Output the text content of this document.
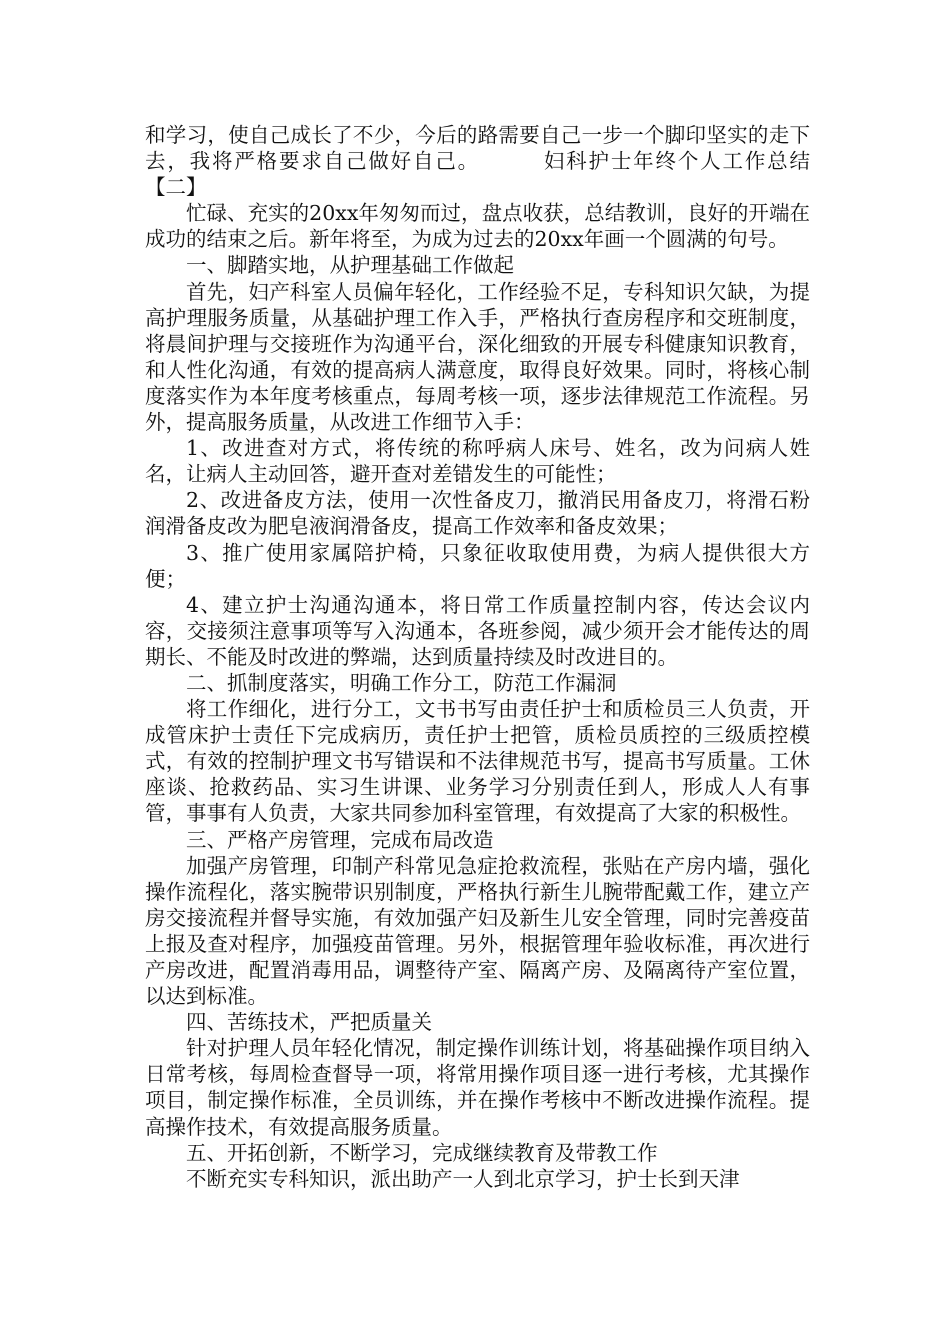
和学习，使自己成长了不少，今后的路需要自己一步一个脚印坚实的走下去，我将严格要求自己做好自己。	妇科护士年终个人工作总结【二】

忙碌、充实的20xx年匆匆而过，盘点收获，总结教训，良好的开端在成功的结束之后。新年将至，为成为过去的20xx年画一个圆满的句号。

一、脚踏实地，从护理基础工作做起

首先，妇产科室人员偏年轻化，工作经验不足，专科知识欠缺，为提高护理服务质量，从基础护理工作入手，严格执行查房程序和交班制度，将晨间护理与交接班作为沟通平台，深化细致的开展专科健康知识教育，和人性化沟通，有效的提高病人满意度，取得良好效果。同时，将核心制度落实作为本年度考核重点，每周考核一项，逐步法律规范工作流程。另外，提高服务质量，从改进工作细节入手：

1、改进查对方式，将传统的称呼病人床号、姓名，改为问病人姓名，让病人主动回答，避开查对差错发生的可能性；

2、改进备皮方法，使用一次性备皮刀，撤消民用备皮刀，将滑石粉润滑备皮改为肥皂液润滑备皮，提高工作效率和备皮效果；

3、推广使用家属陪护椅，只象征收取使用费，为病人提供很大方便；

4、建立护士沟通沟通本，将日常工作质量控制内容，传达会议内容，交接须注意事项等写入沟通本，各班参阅，减少须开会才能传达的周期长、不能及时改进的弊端，达到质量持续及时改进目的。

二、抓制度落实，明确工作分工，防范工作漏洞

将工作细化，进行分工，文书书写由责任护士和质检员三人负责，开成管床护士责任下完成病历，责任护士把管，质检员质控的三级质控模式，有效的控制护理文书写错误和不法律规范书写，提高书写质量。工休座谈、抢救药品、实习生讲课、业务学习分别责任到人，形成人人有事管，事事有人负责，大家共同参加科室管理，有效提高了大家的积极性。

三、严格产房管理，完成布局改造

加强产房管理，印制产科常见急症抢救流程，张贴在产房内墙，强化操作流程化，落实腕带识别制度，严格执行新生儿腕带配戴工作，建立产房交接流程并督导实施，有效加强产妇及新生儿安全管理，同时完善疫苗上报及查对程序，加强疫苗管理。另外，根据管理年验收标准，再次进行产房改进，配置消毒用品，调整待产室、隔离产房、及隔离待产室位置，以达到标准。

四、苦练技术，严把质量关

针对护理人员年轻化情况，制定操作训练计划，将基础操作项目纳入日常考核，每周检查督导一项，将常用操作项目逐一进行考核，尤其操作项目，制定操作标准，全员训练，并在操作考核中不断改进操作流程。提高操作技术，有效提高服务质量。

五、开拓创新，不断学习，完成继续教育及带教工作

不断充实专科知识，派出助产一人到北京学习，护士长到天津
